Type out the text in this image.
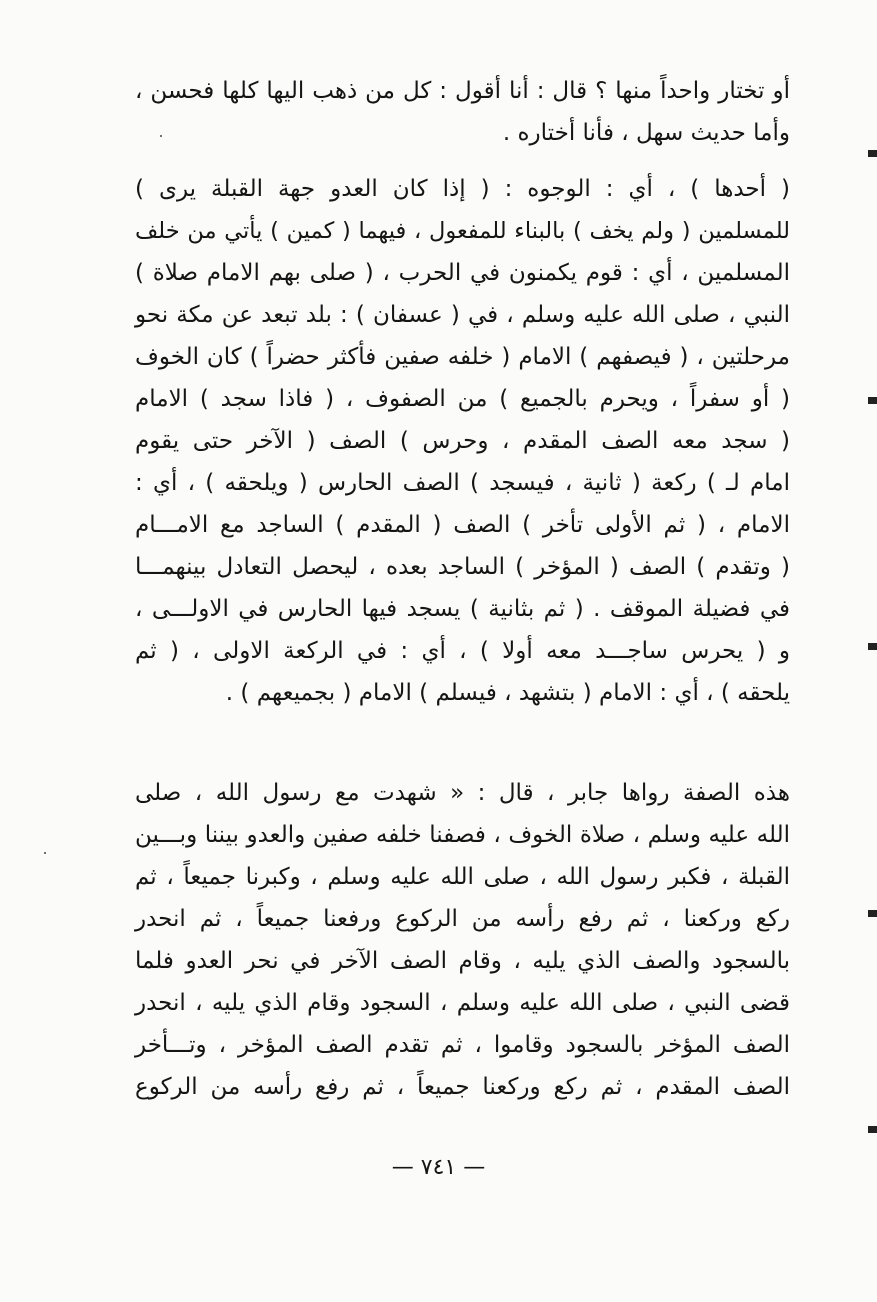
أو تختار واحداً منها ؟ قال : أنا أقول : كل من ذهب اليها كلها فحسن ،
وأما حديث سهل ، فأنا أختاره .
( أحدها ) ، أي : الوجوه : ( إذا كان العدو جهة القبلة يرى )
للمسلمين ( ولم يخف ) بالبناء للمفعول ، فيهما ( كمين ) يأتي من خلف
المسلمين ، أي : قوم يكمنون في الحرب ، ( صلى بهم الامام صلاة )
النبي ، صلى الله عليه وسلم ، في ( عسفان ) : بلد تبعد عن مكة نحو
مرحلتين ، ( فيصفهم ) الامام ( خلفه صفين فأكثر حضراً ) كان الخوف
( أو سفراً ، ويحرم بالجميع ) من الصفوف ، ( فاذا سجد ) الامام
( سجد معه الصف المقدم ، وحرس ) الصف ( الآخر حتى يقوم
امام لـ ) ركعة ( ثانية ، فيسجد ) الصف الحارس ( ويلحقه ) ، أي :
الامام ، ( ثم الأولى تأخر ) الصف ( المقدم ) الساجد مع الامـــام
( وتقدم ) الصف ( المؤخر ) الساجد بعده ، ليحصل التعادل بينهمـــا
في فضيلة الموقف . ( ثم بثانية ) يسجد فيها الحارس في الاولـــى ،
و ( يحرس ساجـــد معه أولا ) ، أي : في الركعة الاولى ، ( ثم
يلحقه ) ، أي : الامام ( بتشهد ، فيسلم ) الامام ( بجميعهم ) .
هذه الصفة رواها جابر ، قال : « شهدت مع رسول الله ، صلى
الله عليه وسلم ، صلاة الخوف ، فصفنا خلفه صفين والعدو بيننا وبـــين
القبلة ، فكبر رسول الله ، صلى الله عليه وسلم ، وكبرنا جميعاً ، ثم
ركع وركعنا ، ثم رفع رأسه من الركوع ورفعنا جميعاً ، ثم انحدر
بالسجود والصف الذي يليه ، وقام الصف الآخر في نحر العدو فلما
قضى النبي ، صلى الله عليه وسلم ، السجود وقام الذي يليه ، انحدر
الصف المؤخر بالسجود وقاموا ، ثم تقدم الصف المؤخر ، وتـــأخر
الصف المقدم ، ثم ركع وركعنا جميعاً ، ثم رفع رأسه من الركوع
— ٧٤١ —
